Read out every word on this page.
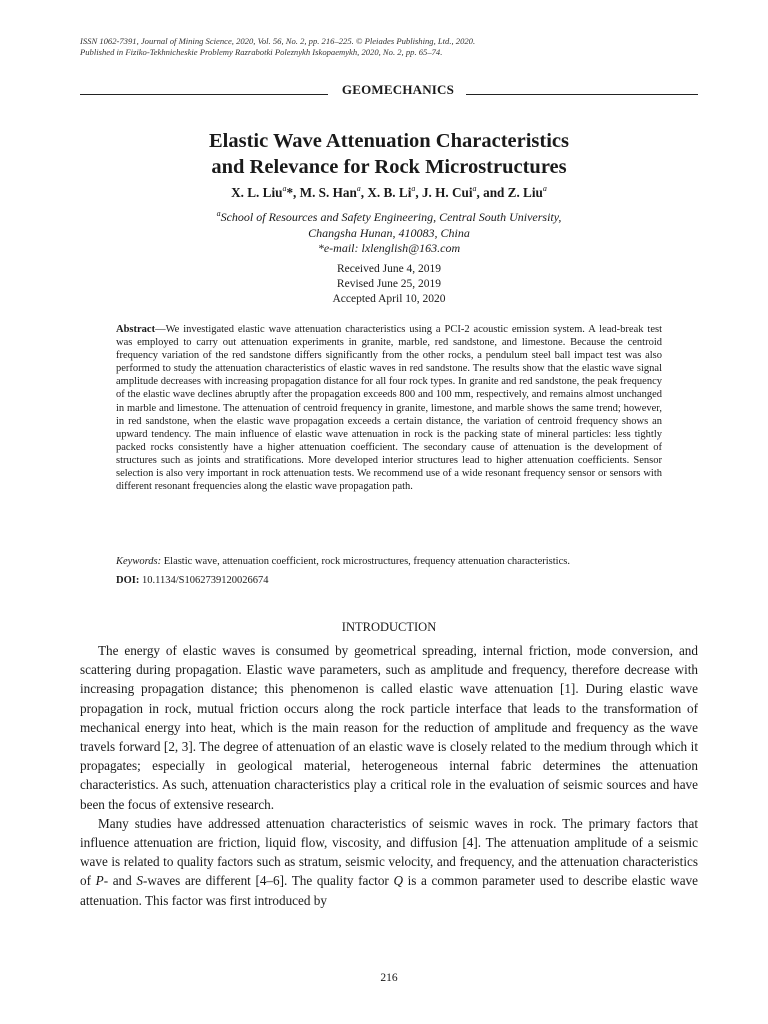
ISSN 1062-7391, Journal of Mining Science, 2020, Vol. 56, No. 2, pp. 216–225. © Pleiades Publishing, Ltd., 2020.
Published in Fiziko-Tekhnicheskie Problemy Razrabotki Poleznykh Iskopaemykh, 2020, No. 2, pp. 65–74.
GEOMECHANICS
Elastic Wave Attenuation Characteristics
and Relevance for Rock Microstructures
X. L. Liu$^a$*, M. S. Han$^a$, X. B. Li$^a$, J. H. Cui$^a$, and Z. Liu$^a$
$^a$School of Resources and Safety Engineering, Central South University,
Changsha Hunan, 410083, China
*e-mail: lxlenglish@163.com
Received June 4, 2019
Revised June 25, 2019
Accepted April 10, 2020
Abstract—We investigated elastic wave attenuation characteristics using a PCI-2 acoustic emission system. A lead-break test was employed to carry out attenuation experiments in granite, marble, red sandstone, and limestone. Because the centroid frequency variation of the red sandstone differs significantly from the other rocks, a pendulum steel ball impact test was also performed to study the attenuation characteristics of elastic waves in red sandstone. The results show that the elastic wave signal amplitude decreases with increasing propagation distance for all four rock types. In granite and red sandstone, the peak frequency of the elastic wave declines abruptly after the propagation exceeds 800 and 100 mm, respectively, and remains almost unchanged in marble and limestone. The attenuation of centroid frequency in granite, limestone, and marble shows the same trend; however, in red sandstone, when the elastic wave propagation exceeds a certain distance, the variation of centroid frequency shows an upward tendency. The main influence of elastic wave attenuation in rock is the packing state of mineral particles: less tightly packed rocks consistently have a higher attenuation coefficient. The secondary cause of attenuation is the development of structures such as joints and stratifications. More developed interior structures lead to higher attenuation coefficients. Sensor selection is also very important in rock attenuation tests. We recommend use of a wide resonant frequency sensor or sensors with different resonant frequencies along the elastic wave propagation path.
Keywords: Elastic wave, attenuation coefficient, rock microstructures, frequency attenuation characteristics.
DOI: 10.1134/S1062739120026674
INTRODUCTION

The energy of elastic waves is consumed by geometrical spreading, internal friction, mode conversion, and scattering during propagation. Elastic wave parameters, such as amplitude and frequency, therefore decrease with increasing propagation distance; this phenomenon is called elastic wave attenuation [1]. During elastic wave propagation in rock, mutual friction occurs along the rock particle interface that leads to the transformation of mechanical energy into heat, which is the main reason for the reduction of amplitude and frequency as the wave travels forward [2, 3]. The degree of attenuation of an elastic wave is closely related to the medium through which it propagates; especially in geological material, heterogeneous internal fabric determines the attenuation characteristics. As such, attenuation characteristics play a critical role in the evaluation of seismic sources and have been the focus of extensive research.

Many studies have addressed attenuation characteristics of seismic waves in rock. The primary factors that influence attenuation are friction, liquid flow, viscosity, and diffusion [4]. The attenuation amplitude of a seismic wave is related to quality factors such as stratum, seismic velocity, and frequency, and the attenuation characteristics of P- and S-waves are different [4–6]. The quality factor Q is a common parameter used to describe elastic wave attenuation. This factor was first introduced by

216
